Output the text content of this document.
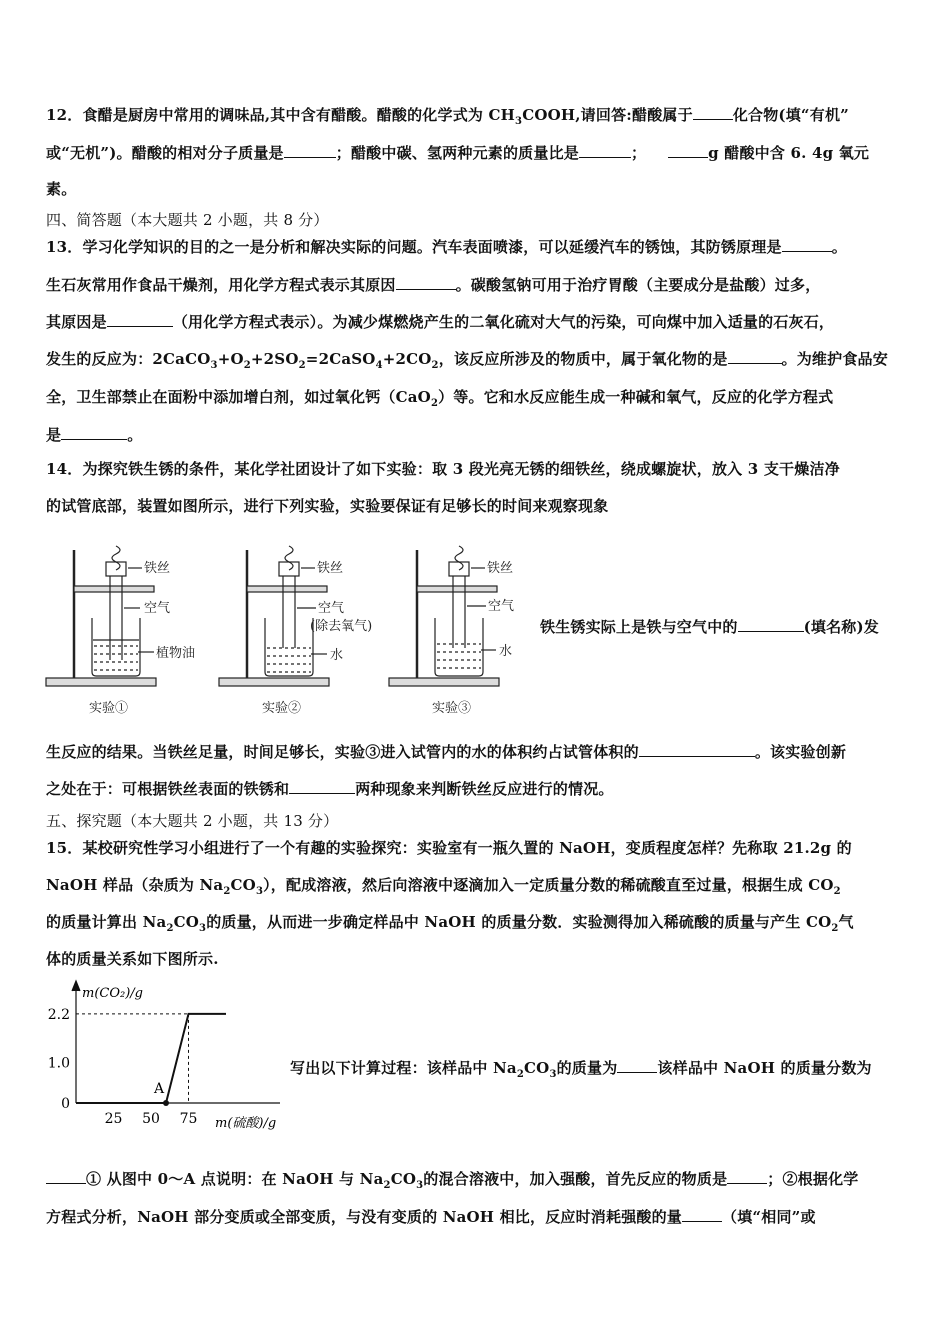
12．食醋是厨房中常用的调味品,其中含有醋酸。醋酸的化学式为 $CH_3COOH$,请回答:醋酸属于	化合物(填“有机”
或“无机”)。醋酸的相对分子质量是	；醋酸中碳、氢两种元素的质量比是	；	g 醋酸中含 6. 4g 氧元
素。
四、简答题（本大题共 2 小题，共 8 分）
13．学习化学知识的目的之一是分析和解决实际的问题。汽车表面喷漆，可以延缓汽车的锈蚀，其防锈原理是	。
生石灰常用作食品干燥剂，用化学方程式表示其原因	。碳酸氢钠可用于治疗胃酸（主要成分是盐酸）过多，
其原因是	（用化学方程式表示）。为减少煤燃烧产生的二氧化硫对大气的污染，可向煤中加入适量的石灰石，
发生的反应为：$2CaCO_3+O_2+2SO_2=2CaSO_4+2CO_2$，该反应所涉及的物质中，属于氧化物的是	。为维护食品安
全，卫生部禁止在面粉中添加增白剂，如过氧化钙（CaO$_2$）等。它和水反应能生成一种碱和氧气，反应的化学方程式
是	。
14．为探究铁生锈的条件，某化学社团设计了如下实验：取 3 段光亮无锈的细铁丝，绕成螺旋状，放入 3 支干燥洁净
的试管底部，装置如图所示，进行下列实验，实验要保证有足够长的时间来观察现象
铁丝
空气
植物油
实验①
铁丝
空气
(除去氧气)
水
实验②
铁丝
空气
水
实验③
铁生锈实际上是铁与空气中的	(填名称)发
生反应的结果。当铁丝足量，时间足够长，实验③进入试管内的水的体积约占试管体积的	。该实验创新
之处在于：可根据铁丝表面的铁锈和	两种现象来判断铁丝反应进行的情况。
五、探究题（本大题共 2 小题，共 13 分）
15．某校研究性学习小组进行了一个有趣的实验探究：实验室有一瓶久置的 NaOH，变质程度怎样？先称取 21.2g 的
NaOH 样品（杂质为 $Na_2CO_3$），配成溶液，然后向溶液中逐滴加入一定质量分数的稀硫酸直至过量，根据生成 $CO_2$
的质量计算出 $Na_2CO_3$的质量，从而进一步确定样品中 NaOH 的质量分数．实验测得加入稀硫酸的质量与产生 $CO_2$气
体的质量关系如下图所示.
m(CO₂)/g
m(硫酸)/g
2.2
1.0
0
25 50 75
A
写出以下计算过程：该样品中 $Na_2CO_3$的质量为	该样品中 NaOH 的质量分数为
① 从图中 0～A 点说明：在 NaOH 与 $Na_2CO_3$的混合溶液中，加入强酸，首先反应的物质是	；②根据化学
方程式分析，NaOH 部分变质或全部变质，与没有变质的 NaOH 相比，反应时消耗强酸的量	（填“相同”或
